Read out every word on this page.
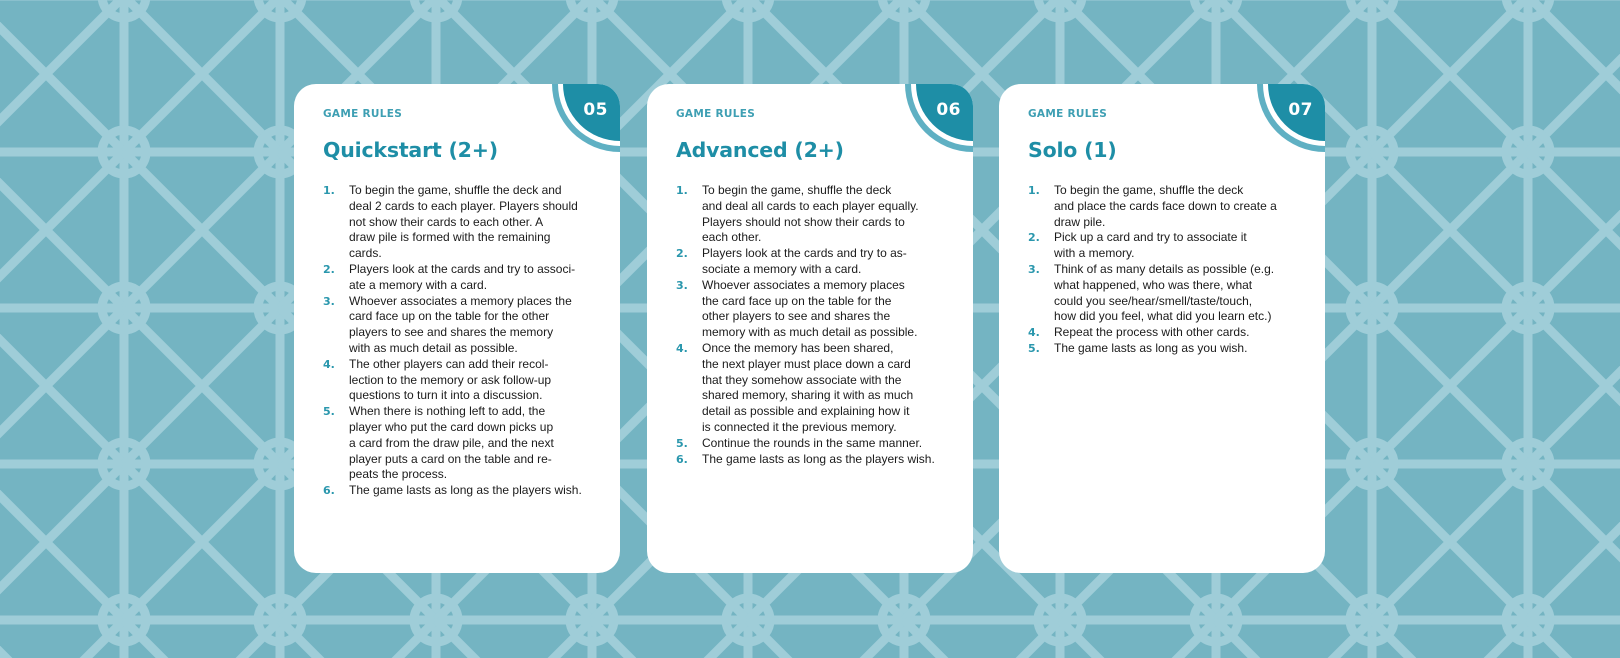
05
GAME RULES
Quickstart (2+)
1.	To begin the game, shuffle the deck and
deal 2 cards to each player. Players should
not show their cards to each other. A
draw pile is formed with the remaining
cards.
2.	Players look at the cards and try to associ-
ate a memory with a card.
3.	Whoever associates a memory places the
card face up on the table for the other
players to see and shares the memory
with as much detail as possible.
4.	The other players can add their recol-
lection to the memory or ask follow-up
questions to turn it into a discussion.
5.	When there is nothing left to add, the
player who put the card down picks up
a card from the draw pile, and the next
player puts a card on the table and re-
peats the process.
6.	The game lasts as long as the players wish.
06
GAME RULES
Advanced (2+)
1.	To begin the game, shuffle the deck
and deal all cards to each player equally.
Players should not show their cards to
each other.
2.	Players look at the cards and try to as-
sociate a memory with a card.
3.	Whoever associates a memory places
the card face up on the table for the
other players to see and shares the
memory with as much detail as possible.
4.	Once the memory has been shared,
the next player must place down a card
that they somehow associate with the
shared memory, sharing it with as much
detail as possible and explaining how it
is connected it the previous memory.
5.	Continue the rounds in the same manner.
6.	The game lasts as long as the players wish.
07
GAME RULES
Solo (1)
1.	To begin the game, shuffle the deck
and place the cards face down to create a
draw pile.
2.	Pick up a card and try to associate it
with a memory.
3.	Think of as many details as possible (e.g.
what happened, who was there, what
could you see/hear/smell/taste/touch,
how did you feel, what did you learn etc.)
4.	Repeat the process with other cards.
5.	The game lasts as long as you wish.
